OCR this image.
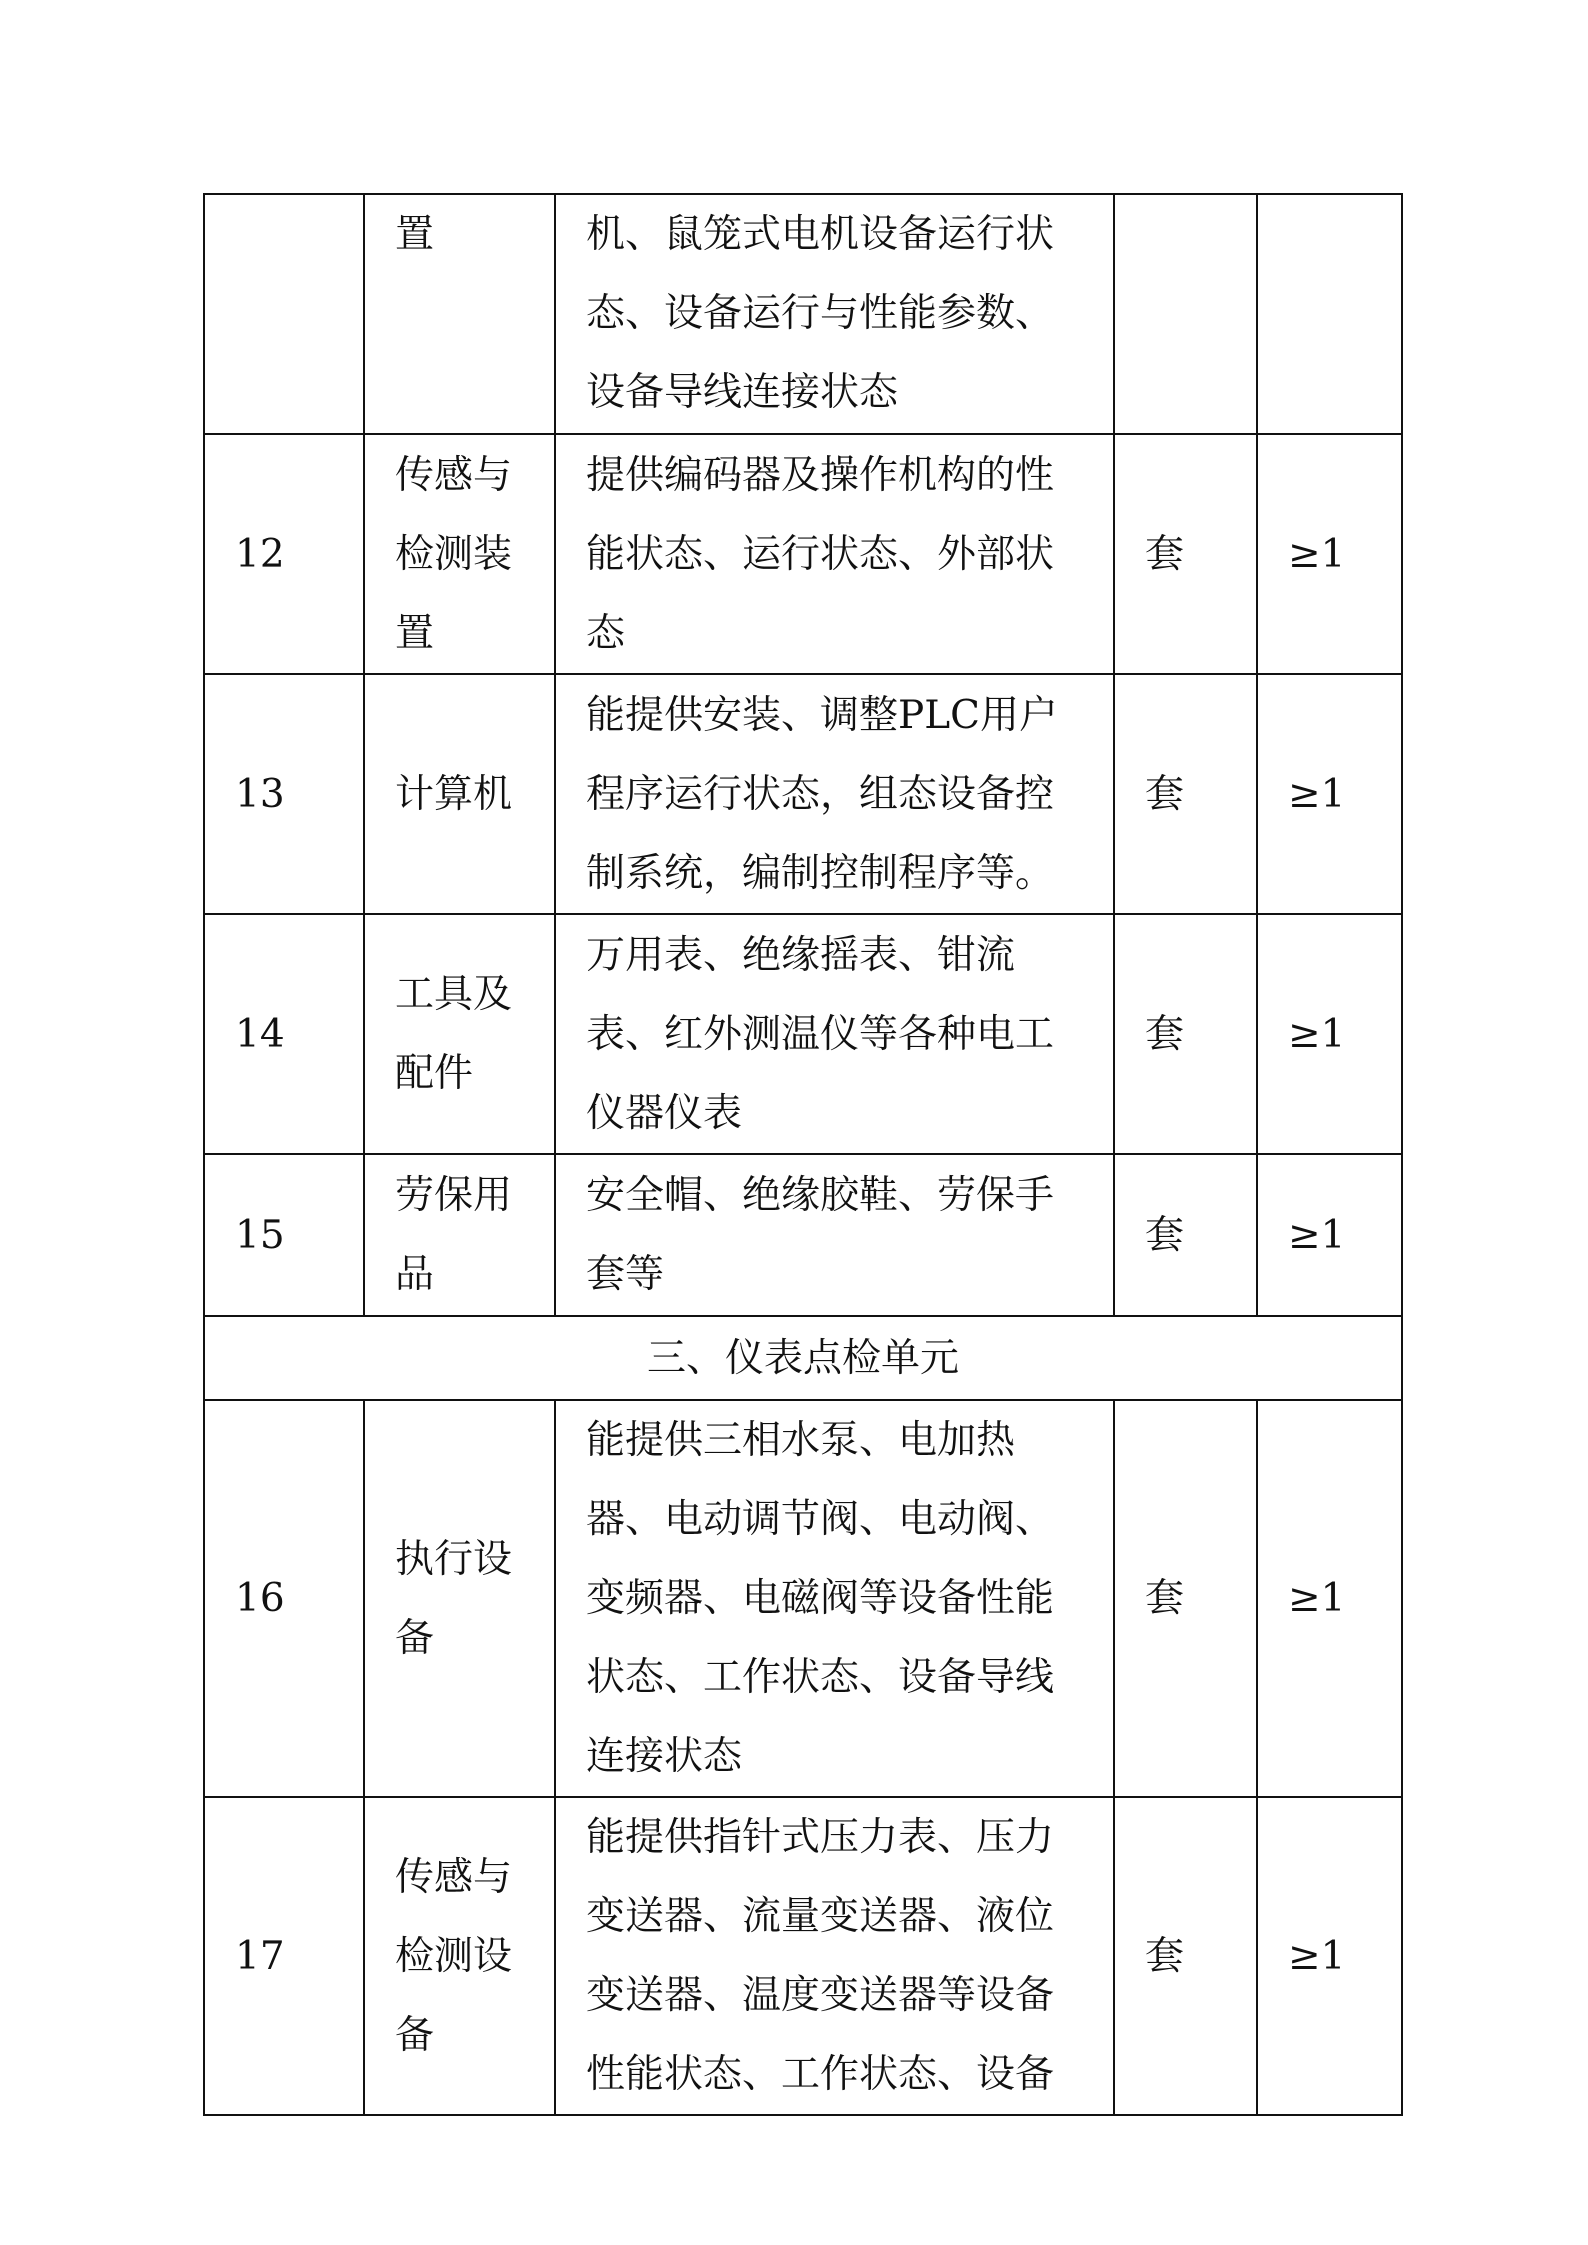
	置	机、鼠笼式电机设备运行状
态、设备运行与性能参数、
设备导线连接状态		

12	传感与
检测装
置	提供编码器及操作机构的性
能状态、运行状态、外部状
态	套	≥1
13	计算机	能提供安装、调整PLC用户
程序运行状态，组态设备控
制系统，编制控制程序等。	套	≥1
14	工具及
配件	万用表、绝缘摇表、钳流
表、红外测温仪等各种电工
仪器仪表	套	≥1
15	劳保用
品	安全帽、绝缘胶鞋、劳保手
套等	套	≥1
三、仪表点检单元				
16	执行设
备	能提供三相水泵、电加热
器、电动调节阀、电动阀、
变频器、电磁阀等设备性能
状态、工作状态、设备导线
连接状态	套	≥1
17	传感与
检测设
备	能提供指针式压力表、压力
变送器、流量变送器、液位
变送器、温度变送器等设备
性能状态、工作状态、设备	套	≥1
